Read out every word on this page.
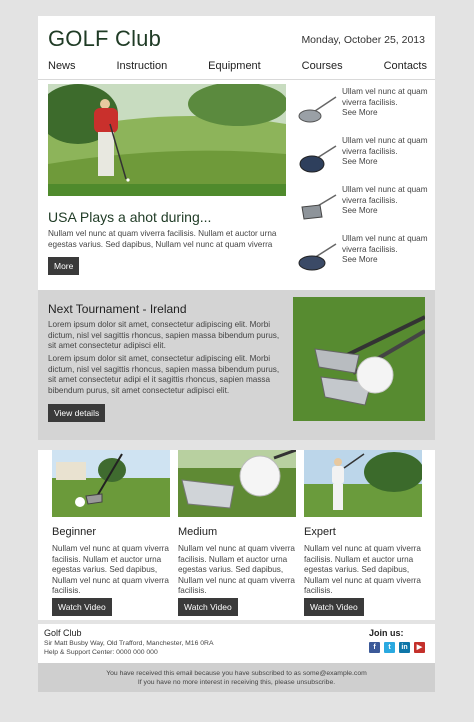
GOLF Club	Monday, October 25, 2013
News	Instruction	Equipment	Courses	Contacts
USA Plays a ahot during...
Nullam vel nunc at quam viverra facilisis. Nullam et auctor urna egestas varius. Sed dapibus, Nullam vel nunc at quam viverra
More
Ullam vel nunc at quam viverra facilisis.
See More
Ullam vel nunc at quam viverra facilisis.
See More
Ullam vel nunc at quam viverra facilisis.
See More
Ullam vel nunc at quam viverra facilisis.
See More
Next Tournament - Ireland
Lorem ipsum dolor sit amet, consectetur adipiscing elit. Morbi dictum, nisl vel sagittis rhoncus, sapien massa bibendum purus, sit amet consectetur adipisci elit.
Lorem ipsum dolor sit amet, consectetur adipiscing elit. Morbi dictum, nisl vel sagittis rhoncus, sapien massa bibendum purus, sit amet consectetur adipi el it sagittis rhoncus, sapien massa bibendum purus, sit amet consectetur adipisci elit.
View details
Beginner
Nullam vel nunc at quam viverra facilisis. Nullam et auctor urna egestas varius. Sed dapibus, Nullam vel nunc at quam viverra facilisis.
Watch Video
Medium
Nullam vel nunc at quam viverra facilisis. Nullam et auctor urna egestas varius. Sed dapibus, Nullam vel nunc at quam viverra facilisis.
Watch Video
Expert
Nullam vel nunc at quam viverra facilisis. Nullam et auctor urna egestas varius. Sed dapibus, Nullam vel nunc at quam viverra facilisis.
Watch Video
Golf Club
Sir Matt Busby Way, Old Trafford, Manchester, M16 0RA
Help & Support Center: 0000 000 000
Join us:
f	t	in	▶
You have received this email because you have subscribed to as some@example.com
If you have no more interest in receiving this, please unsubscribe.
